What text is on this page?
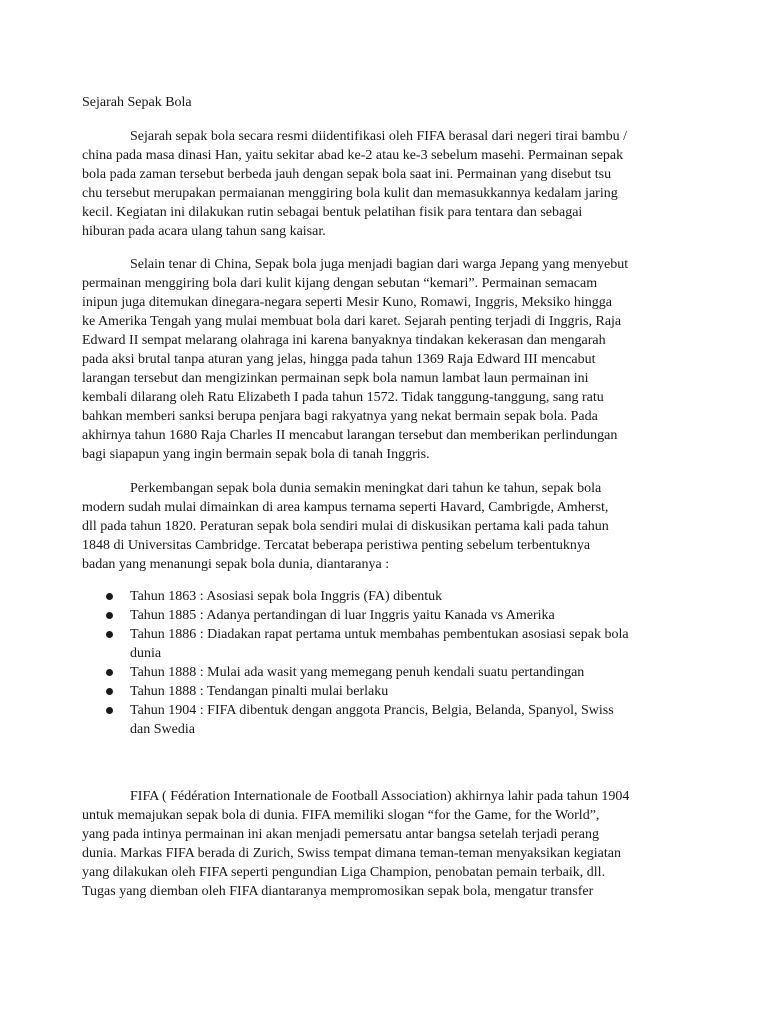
Sejarah Sepak Bola
Sejarah sepak bola secara resmi diidentifikasi oleh FIFA berasal dari negeri tirai bambu /
china pada masa dinasi Han, yaitu sekitar abad ke-2 atau ke-3 sebelum masehi. Permainan sepak
bola pada zaman tersebut berbeda jauh dengan sepak bola saat ini. Permainan yang disebut tsu
chu tersebut merupakan permaianan menggiring bola kulit dan memasukkannya kedalam jaring
kecil. Kegiatan ini dilakukan rutin sebagai bentuk pelatihan fisik para tentara dan sebagai
hiburan pada acara ulang tahun sang kaisar.
Selain tenar di China, Sepak bola juga menjadi bagian dari warga Jepang yang menyebut
permainan menggiring bola dari kulit kijang dengan sebutan “kemari”. Permainan semacam
inipun juga ditemukan dinegara-negara seperti Mesir Kuno, Romawi, Inggris, Meksiko hingga
ke Amerika Tengah yang mulai membuat bola dari karet. Sejarah penting terjadi di Inggris, Raja
Edward II sempat melarang olahraga ini karena banyaknya tindakan kekerasan dan mengarah
pada aksi brutal tanpa aturan yang jelas, hingga pada tahun 1369 Raja Edward III mencabut
larangan tersebut dan mengizinkan permainan sepk bola namun lambat laun permainan ini
kembali dilarang oleh Ratu Elizabeth I pada tahun 1572. Tidak tanggung-tanggung, sang ratu
bahkan memberi sanksi berupa penjara bagi rakyatnya yang nekat bermain sepak bola. Pada
akhirnya tahun 1680 Raja Charles II mencabut larangan tersebut dan memberikan perlindungan
bagi siapapun yang ingin bermain sepak bola di tanah Inggris.
Perkembangan sepak bola dunia semakin meningkat dari tahun ke tahun, sepak bola
modern sudah mulai dimainkan di area kampus ternama seperti Havard, Cambrigde, Amherst,
dll pada tahun 1820. Peraturan sepak bola sendiri mulai di diskusikan pertama kali pada tahun
1848 di Universitas Cambridge. Tercatat beberapa peristiwa penting sebelum terbentuknya
badan yang menanungi sepak bola dunia, diantaranya :
Tahun 1863 : Asosiasi sepak bola Inggris (FA) dibentuk
Tahun 1885 : Adanya pertandingan di luar Inggris yaitu Kanada vs Amerika
Tahun 1886 : Diadakan rapat pertama untuk membahas pembentukan asosiasi sepak bola
dunia
Tahun 1888 : Mulai ada wasit yang memegang penuh kendali suatu pertandingan
Tahun 1888 : Tendangan pinalti mulai berlaku
Tahun 1904 : FIFA dibentuk dengan anggota Prancis, Belgia, Belanda, Spanyol, Swiss
dan Swedia
FIFA ( Fédération Internationale de Football Association) akhirnya lahir pada tahun 1904
untuk memajukan sepak bola di dunia. FIFA memiliki slogan “for the Game, for the World”,
yang pada intinya permainan ini akan menjadi pemersatu antar bangsa setelah terjadi perang
dunia. Markas FIFA berada di Zurich, Swiss tempat dimana teman-teman menyaksikan kegiatan
yang dilakukan oleh FIFA seperti pengundian Liga Champion, penobatan pemain terbaik, dll.
Tugas yang diemban oleh FIFA diantaranya mempromosikan sepak bola, mengatur transfer
